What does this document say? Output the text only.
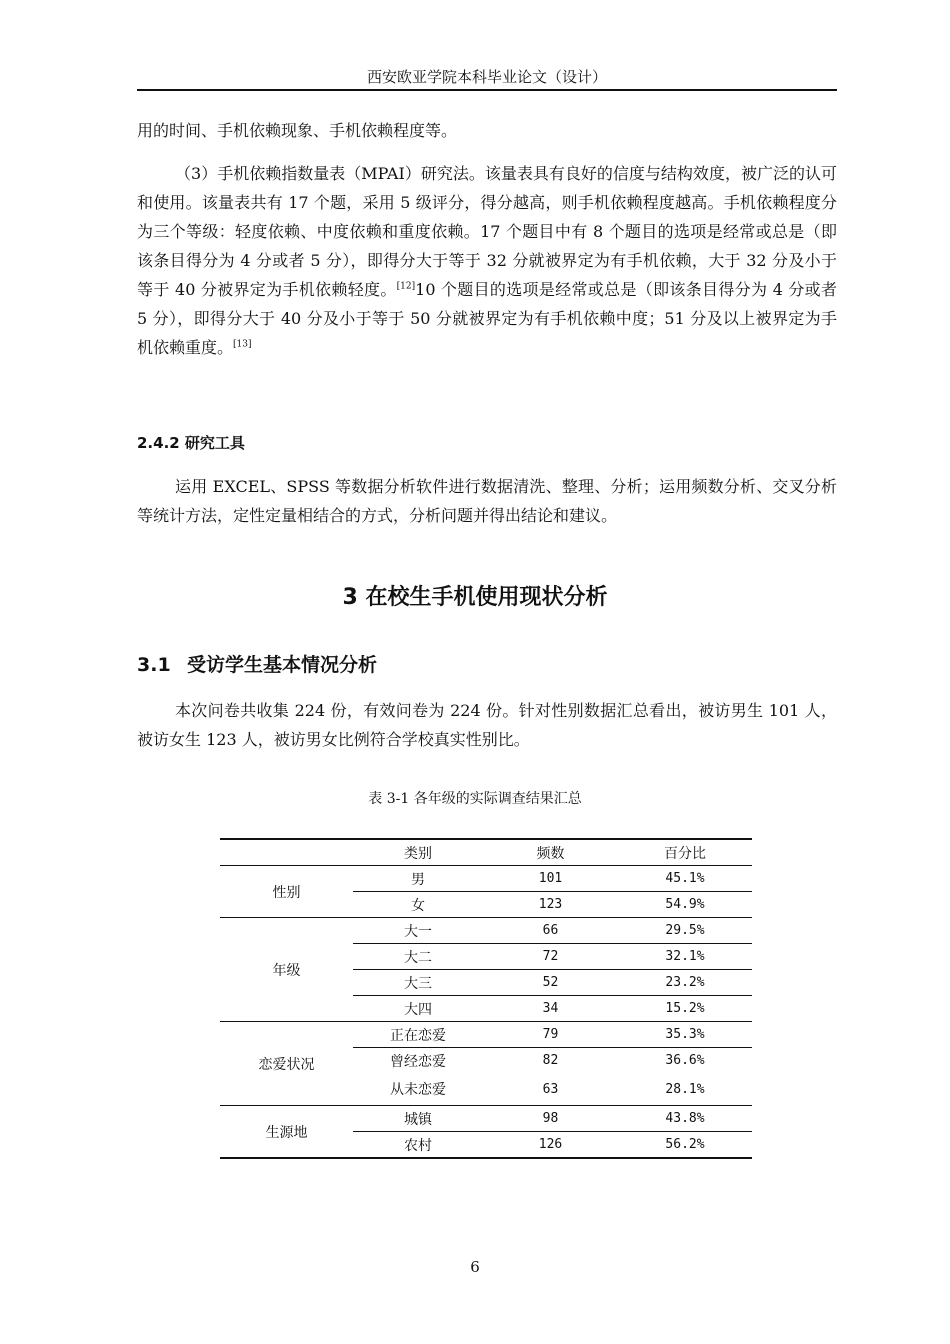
西安欧亚学院本科毕业论文（设计）

用的时间、手机依赖现象、手机依赖程度等。

（3）手机依赖指数量表（MPAI）研究法。该量表具有良好的信度与结构效度，被广泛的认可和使用。该量表共有 17 个题，采用 5 级评分，得分越高，则手机依赖程度越高。手机依赖程度分为三个等级：轻度依赖、中度依赖和重度依赖。17 个题目中有 8 个题目的选项是经常或总是（即该条目得分为 4 分或者 5 分），即得分大于等于 32 分就被界定为有手机依赖，大于 32 分及小于等于 40 分被界定为手机依赖轻度。[12]10 个题目的选项是经常或总是（即该条目得分为 4 分或者 5 分），即得分大于 40 分及小于等于 50 分就被界定为有手机依赖中度；51 分及以上被界定为手机依赖重度。[13]

2.4.2 研究工具

运用 EXCEL、SPSS 等数据分析软件进行数据清洗、整理、分析；运用频数分析、交叉分析等统计方法，定性定量相结合的方式，分析问题并得出结论和建议。

3 在校生手机使用现状分析
3.1 受访学生基本情况分析

本次问卷共收集 224 份，有效问卷为 224 份。针对性别数据汇总看出，被访男生 101 人，被访女生 123 人，被访男女比例符合学校真实性别比。

表 3-1 各年级的实际调查结果汇总
	类别	频数	百分比
性别	男	101	45.1%
	女	123	54.9%
年级	大一	66	29.5%
	大二	72	32.1%
	大三	52	23.2%
	大四	34	15.2%
恋爱状况	正在恋爱	79	35.3%
	曾经恋爱	82	36.6%
	从未恋爱	63	28.1%
生源地	城镇	98	43.8%
	农村	126	56.2%
6
